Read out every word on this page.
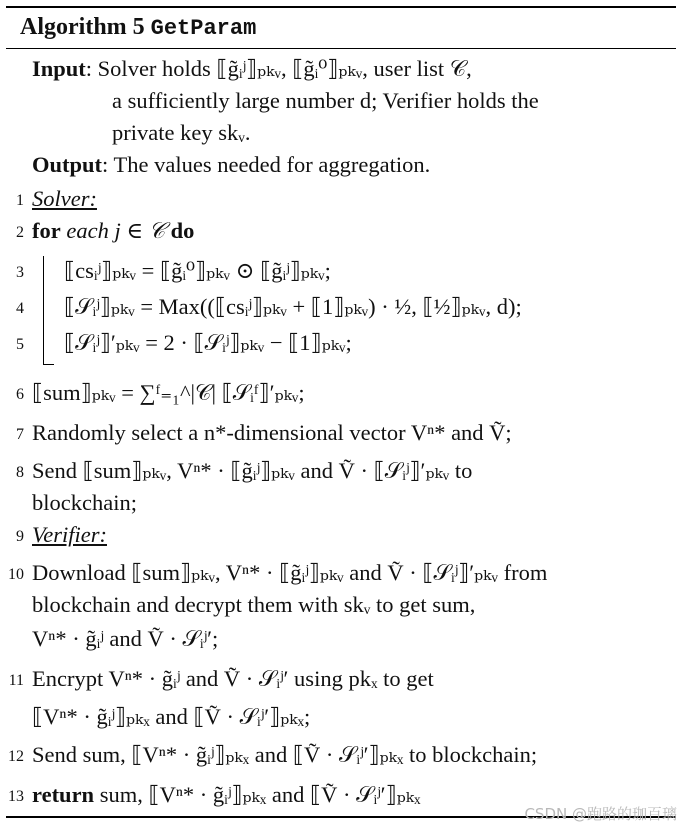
Algorithm 5 GetParam
Input: Solver holds ⟦g̃ᵢʲ⟧ₚₖᵥ, ⟦g̃ᵢ⁰⟧ₚₖᵥ, user list 𝒞,
a sufficiently large number d; Verifier holds the
private key skᵥ.
Output: The values needed for aggregation.
1 Solver:
2 for each j ∈ 𝒞 do
3 ⟦csᵢʲ⟧ₚₖᵥ = ⟦g̃ᵢ⁰⟧ₚₖᵥ ⊙ ⟦g̃ᵢʲ⟧ₚₖᵥ;
4 ⟦𝒮ᵢʲ⟧ₚₖᵥ = Max((⟦csᵢʲ⟧ₚₖᵥ + ⟦1⟧ₚₖᵥ) · ½, ⟦½⟧ₚₖᵥ, d);
5 ⟦𝒮ᵢʲ⟧′ₚₖᵥ = 2 · ⟦𝒮ᵢʲ⟧ₚₖᵥ − ⟦1⟧ₚₖᵥ;
6 ⟦sum⟧ₚₖᵥ = ∑ᶠ₌₁^|𝒞| ⟦𝒮ᵢᶠ⟧′ₚₖᵥ;
7 Randomly select a n*-dimensional vector Vⁿ* and Ṽ;
8 Send ⟦sum⟧ₚₖᵥ, Vⁿ* · ⟦g̃ᵢʲ⟧ₚₖᵥ and Ṽ · ⟦𝒮ᵢʲ⟧′ₚₖᵥ to
blockchain;
9 Verifier:
10 Download ⟦sum⟧ₚₖᵥ, Vⁿ* · ⟦g̃ᵢʲ⟧ₚₖᵥ and Ṽ · ⟦𝒮ᵢʲ⟧′ₚₖᵥ from
blockchain and decrypt them with skᵥ to get sum,
Vⁿ* · g̃ᵢʲ and Ṽ · 𝒮ᵢʲ′;
11 Encrypt Vⁿ* · g̃ᵢʲ and Ṽ · 𝒮ᵢʲ′ using pkₓ to get
⟦Vⁿ* · g̃ᵢʲ⟧ₚₖₓ and ⟦Ṽ · 𝒮ᵢʲ′⟧ₚₖₓ;
12 Send sum, ⟦Vⁿ* · g̃ᵢʲ⟧ₚₖₓ and ⟦Ṽ · 𝒮ᵢʲ′⟧ₚₖₓ to blockchain;
13 return sum, ⟦Vⁿ* · g̃ᵢʲ⟧ₚₖₓ and ⟦Ṽ · 𝒮ᵢʲ′⟧ₚₖₓ
CSDN @跑路的珈百璃
